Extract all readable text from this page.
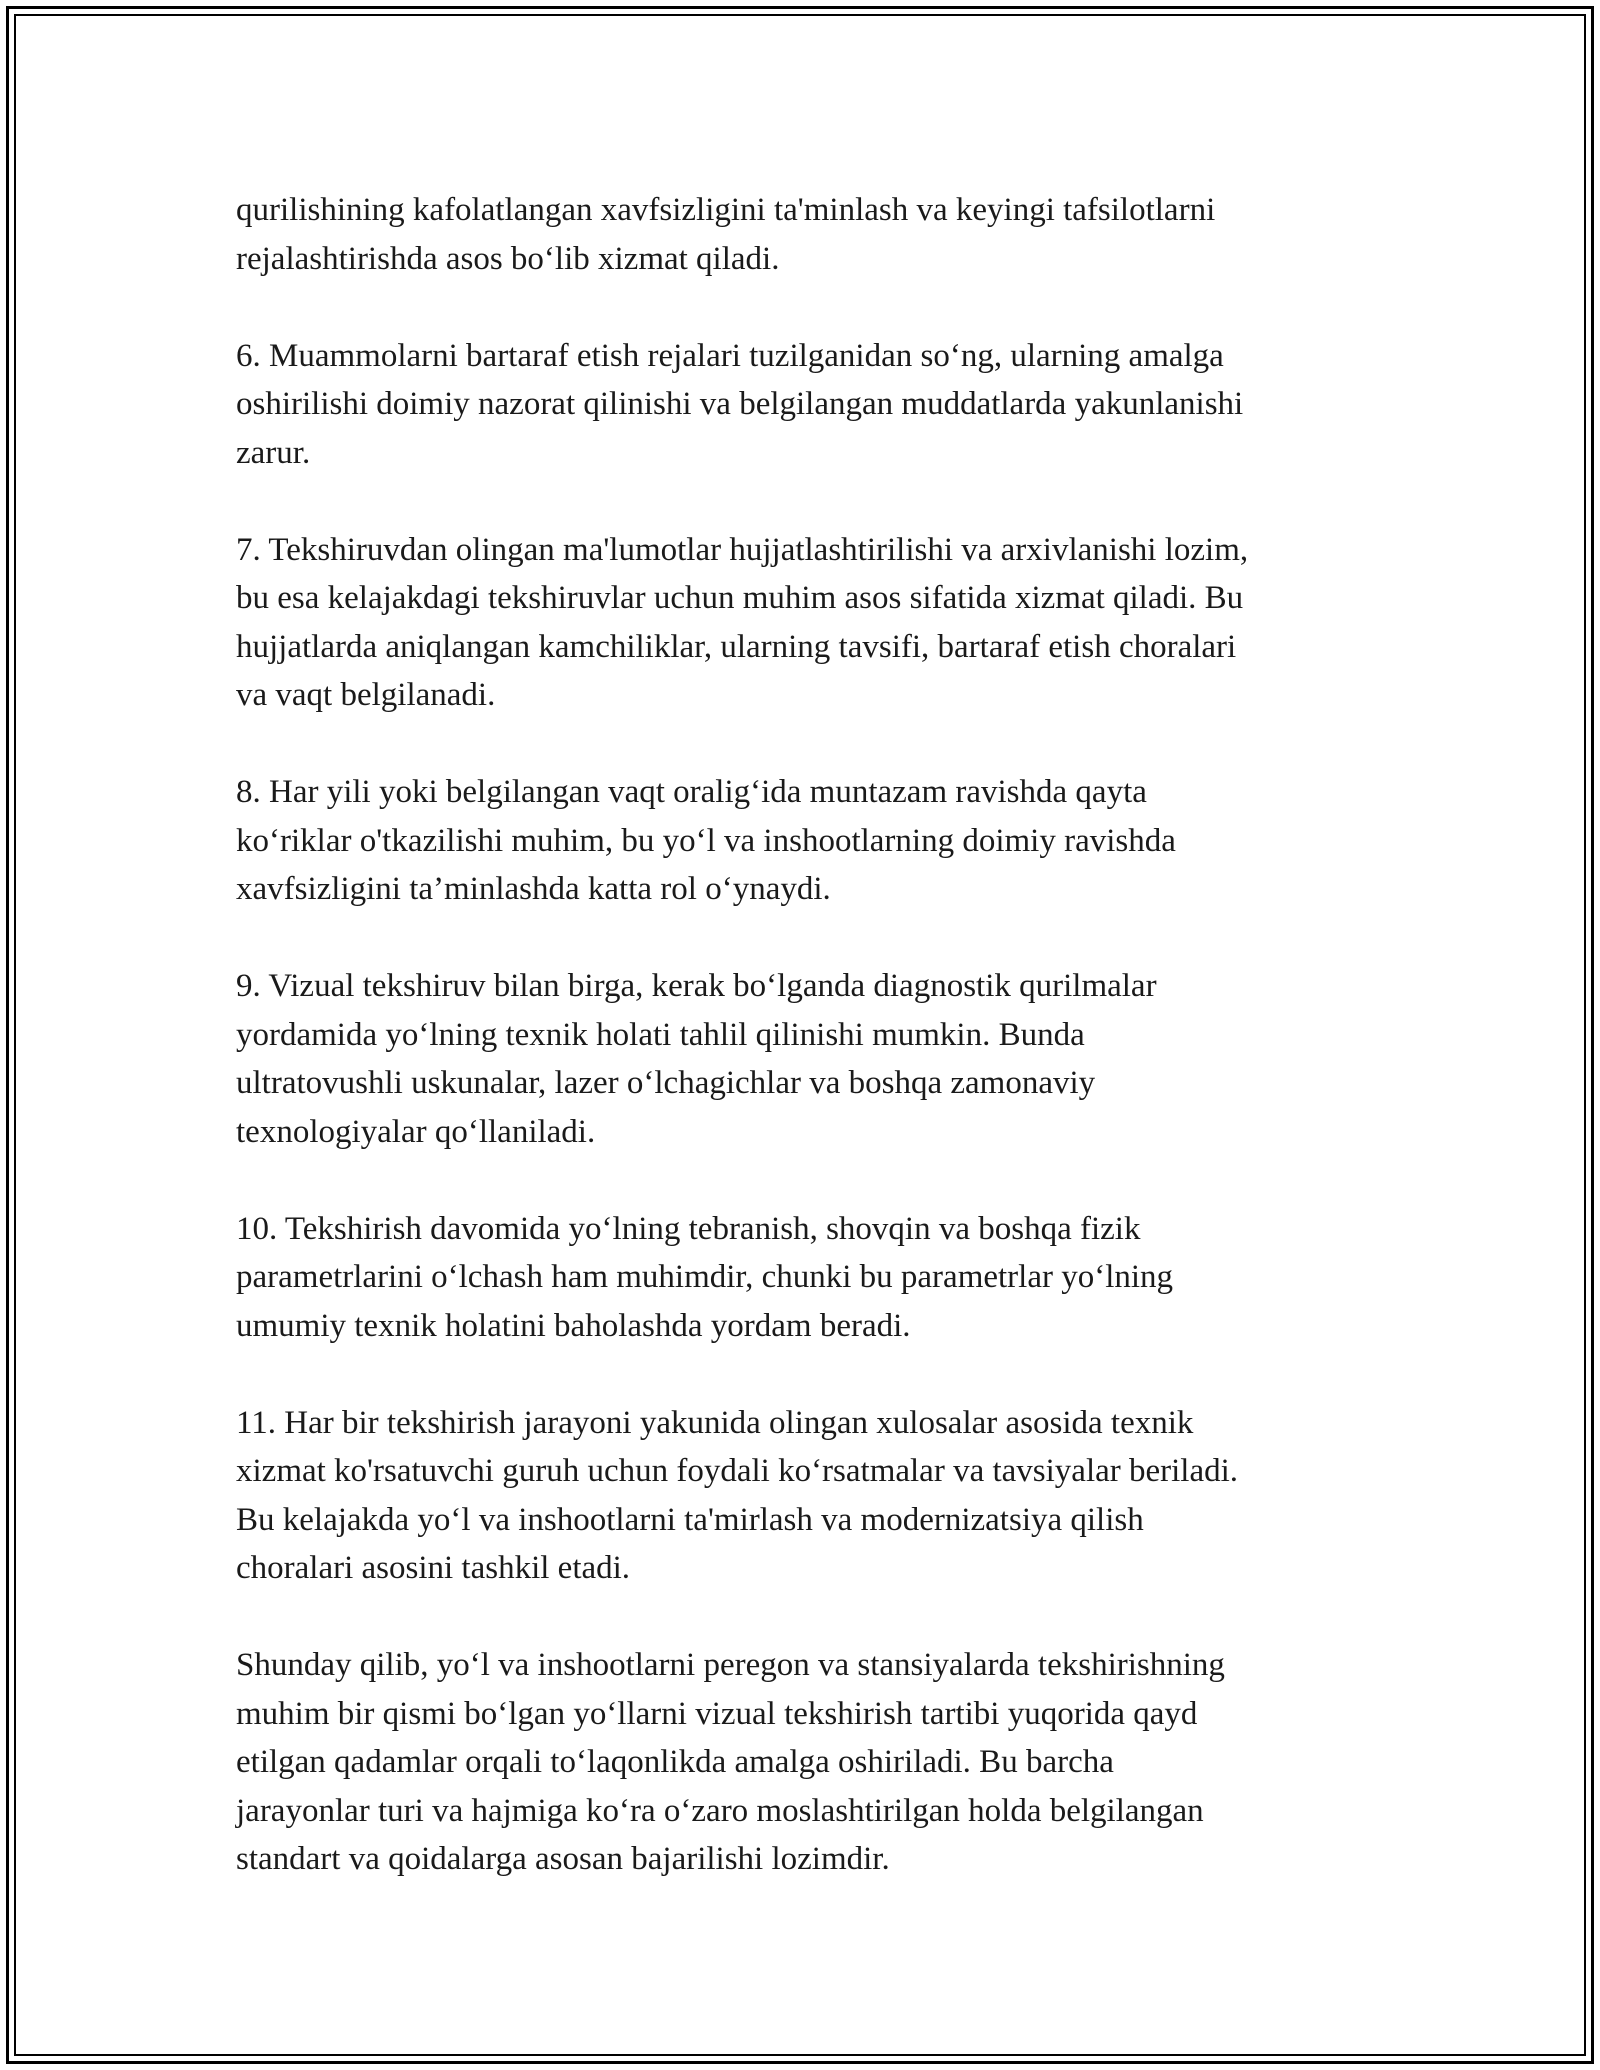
qurilishining kafolatlangan xavfsizligini ta'minlash va keyingi tafsilotlarni
rejalashtirishda asos bo‘lib xizmat qiladi.

6. Muammolarni bartaraf etish rejalari tuzilganidan so‘ng, ularning amalga
oshirilishi doimiy nazorat qilinishi va belgilangan muddatlarda yakunlanishi
zarur.

7. Tekshiruvdan olingan ma'lumotlar hujjatlashtirilishi va arxivlanishi lozim,
bu esa kelajakdagi tekshiruvlar uchun muhim asos sifatida xizmat qiladi. Bu
hujjatlarda aniqlangan kamchiliklar, ularning tavsifi, bartaraf etish choralari
va vaqt belgilanadi.

8. Har yili yoki belgilangan vaqt oralig‘ida muntazam ravishda qayta
ko‘riklar o'tkazilishi muhim, bu yo‘l va inshootlarning doimiy ravishda
xavfsizligini ta’minlashda katta rol o‘ynaydi.

9. Vizual tekshiruv bilan birga, kerak bo‘lganda diagnostik qurilmalar
yordamida yo‘lning texnik holati tahlil qilinishi mumkin. Bunda
ultratovushli uskunalar, lazer o‘lchagichlar va boshqa zamonaviy
texnologiyalar qo‘llaniladi.

10. Tekshirish davomida yo‘lning tebranish, shovqin va boshqa fizik
parametrlarini o‘lchash ham muhimdir, chunki bu parametrlar yo‘lning
umumiy texnik holatini baholashda yordam beradi.

11. Har bir tekshirish jarayoni yakunida olingan xulosalar asosida texnik
xizmat ko'rsatuvchi guruh uchun foydali ko‘rsatmalar va tavsiyalar beriladi.
Bu kelajakda yo‘l va inshootlarni ta'mirlash va modernizatsiya qilish
choralari asosini tashkil etadi.

Shunday qilib, yo‘l va inshootlarni peregon va stansiyalarda tekshirishning
muhim bir qismi bo‘lgan yo‘llarni vizual tekshirish tartibi yuqorida qayd
etilgan qadamlar orqali to‘laqonlikda amalga oshiriladi. Bu barcha
jarayonlar turi va hajmiga ko‘ra o‘zaro moslashtirilgan holda belgilangan
standart va qoidalarga asosan bajarilishi lozimdir.
